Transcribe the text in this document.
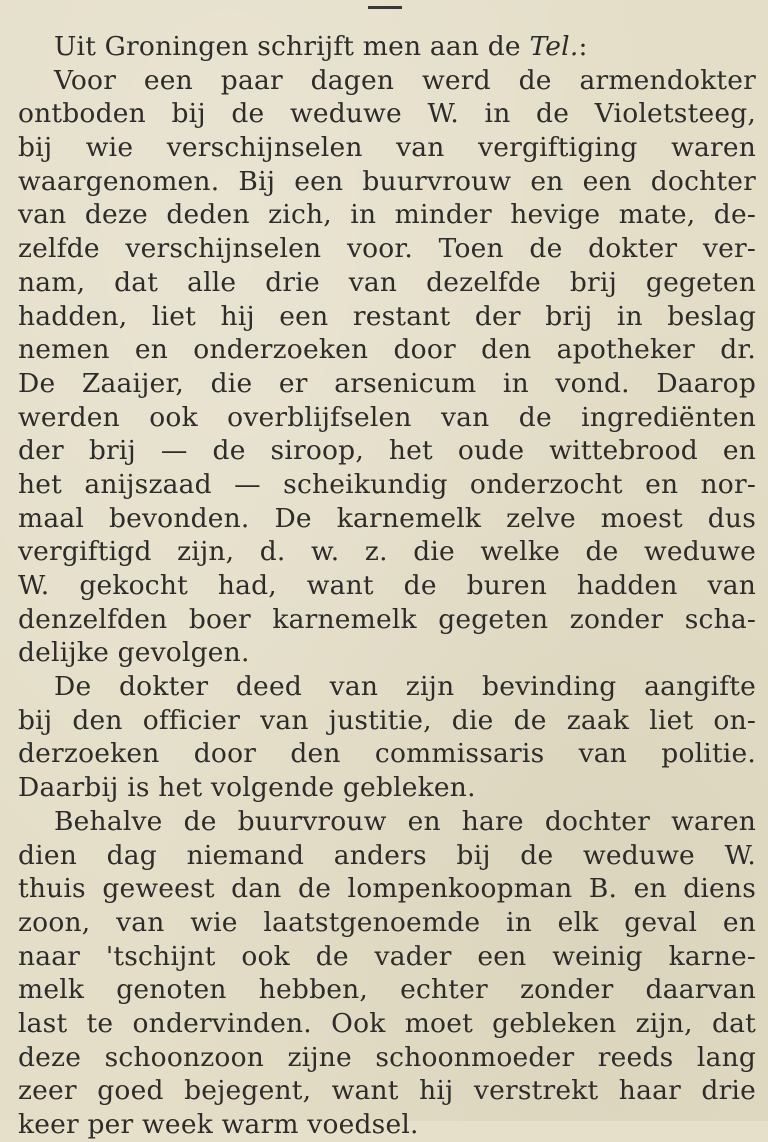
Uit Groningen schrijft men aan de Tel.:
Voor een paar dagen werd de armendokter
ontboden bij de weduwe W. in de Violetsteeg,
bij wie verschijnselen van vergiftiging waren
waargenomen. Bij een buurvrouw en een dochter
van deze deden zich, in minder hevige mate, de-
zelfde verschijnselen voor. Toen de dokter ver-
nam, dat alle drie van dezelfde brij gegeten
hadden, liet hij een restant der brij in beslag
nemen en onderzoeken door den apotheker dr.
De Zaaijer, die er arsenicum in vond. Daarop
werden ook overblijfselen van de ingrediënten
der brij — de siroop, het oude wittebrood en
het anijszaad — scheikundig onderzocht en nor-
maal bevonden. De karnemelk zelve moest dus
vergiftigd zijn, d. w. z. die welke de weduwe
W. gekocht had, want de buren hadden van
denzelfden boer karnemelk gegeten zonder scha-
delijke gevolgen.
De dokter deed van zijn bevinding aangifte
bij den officier van justitie, die de zaak liet on-
derzoeken door den commissaris van politie.
Daarbij is het volgende gebleken.
Behalve de buurvrouw en hare dochter waren
dien dag niemand anders bij de weduwe W.
thuis geweest dan de lompenkoopman B. en diens
zoon, van wie laatstgenoemde in elk geval en
naar 'tschijnt ook de vader een weinig karne-
melk genoten hebben, echter zonder daarvan
last te ondervinden. Ook moet gebleken zijn, dat
deze schoonzoon zijne schoonmoeder reeds lang
zeer goed bejegent, want hij verstrekt haar drie
keer per week warm voedsel.
